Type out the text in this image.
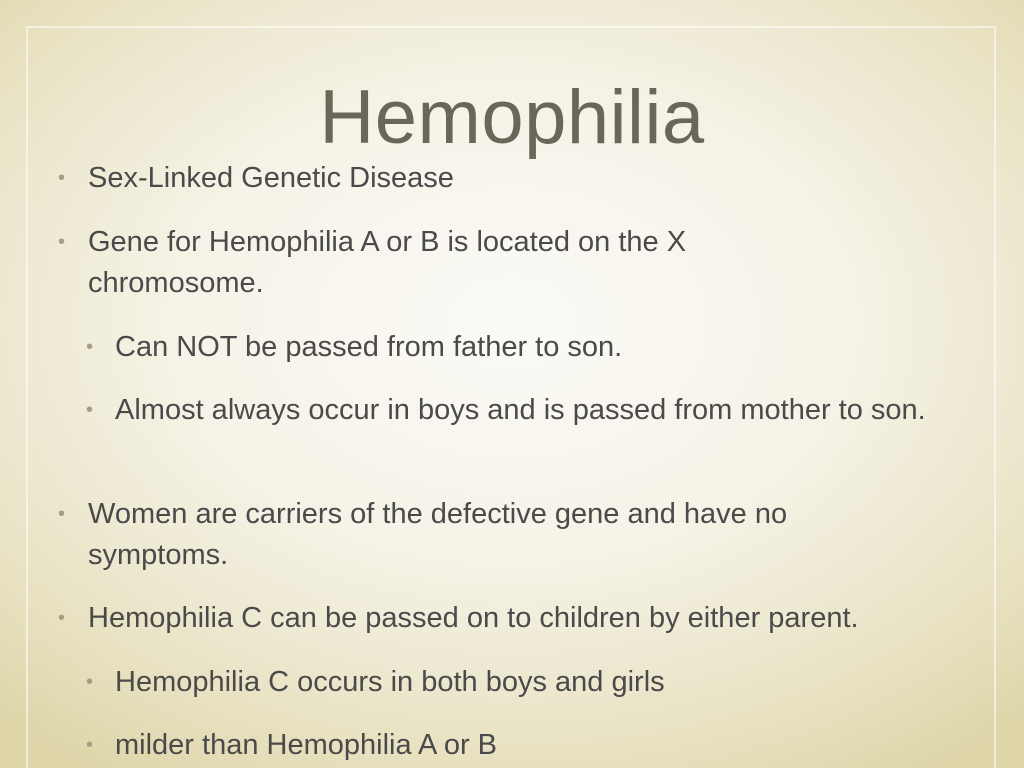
Hemophilia
• Sex-Linked Genetic Disease
• Gene for Hemophilia A or B is located on the X chromosome.
• Can NOT be passed from father to son.
• Almost always occur in boys and is passed from mother to son.
• Women are carriers of the defective gene and have no symptoms.
• Hemophilia C can be passed on to children by either parent.
• Hemophilia C occurs in both boys and girls
• milder than Hemophilia A or B
